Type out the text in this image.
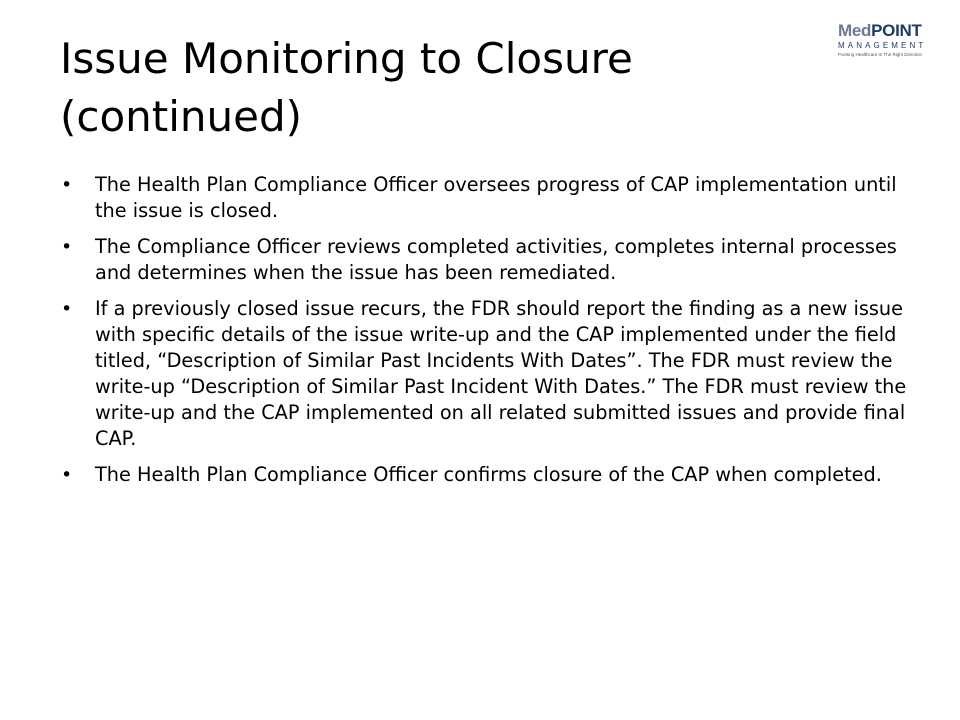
Issue Monitoring to Closure
(continued)
MedPOINT
MANAGEMENT
Pointing Healthcare In The Right Direction
• The Health Plan Compliance Officer oversees progress of CAP implementation until the issue is closed.
• The Compliance Officer reviews completed activities, completes internal processes and determines when the issue has been remediated.
• If a previously closed issue recurs, the FDR should report the finding as a new issue with specific details of the issue write-up and the CAP implemented under the field titled, “Description of Similar Past Incidents With Dates”. The FDR must review the write-up “Description of Similar Past Incident With Dates.” The FDR must review the write-up and the CAP implemented on all related submitted issues and provide final CAP.
• The Health Plan Compliance Officer confirms closure of the CAP when completed.
